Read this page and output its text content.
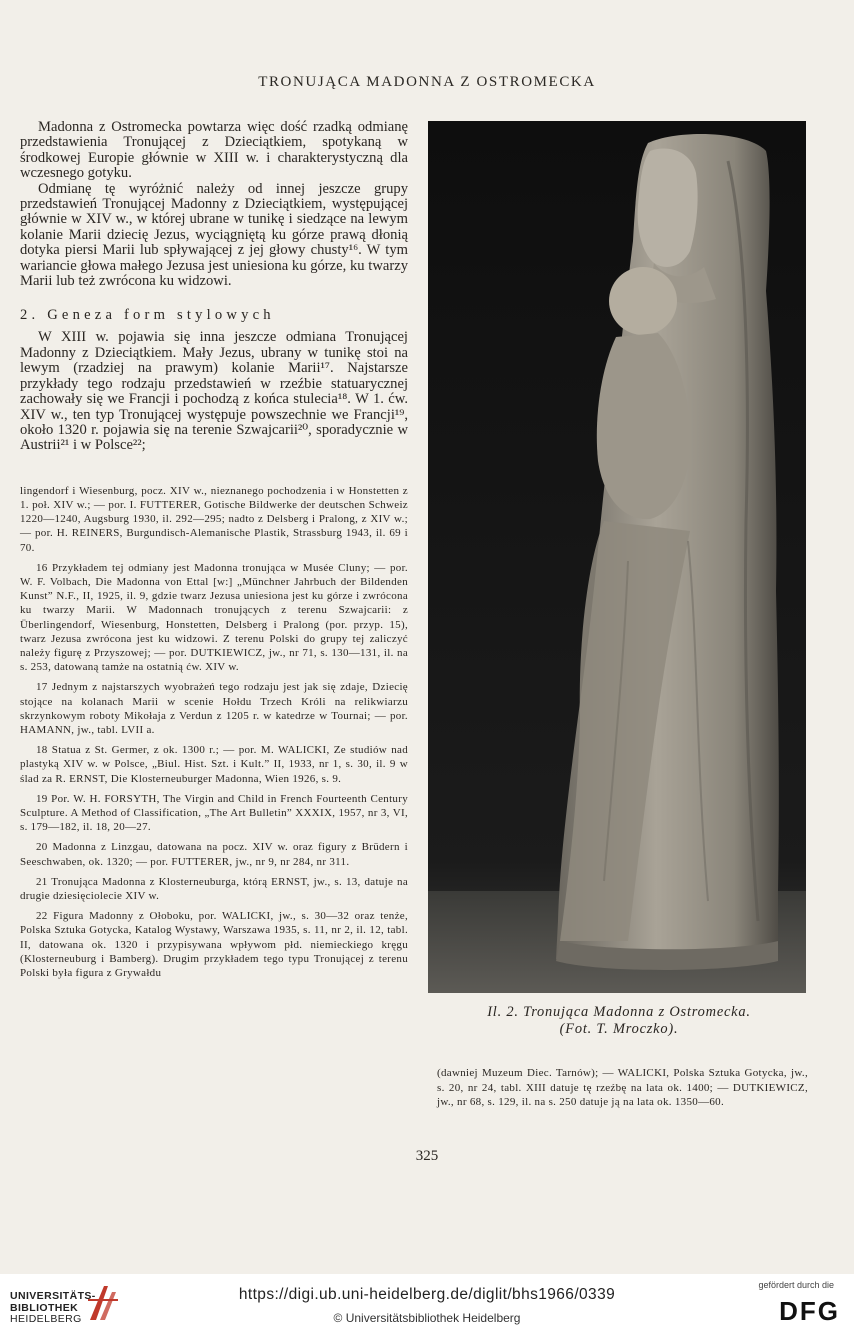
TRONUJĄCA MADONNA Z OSTROMECKA

Madonna z Ostromecka powtarza więc dość rzadką odmianę przedstawienia Tronującej z Dzieciątkiem, spotykaną w środkowej Europie głównie w XIII w. i charakterystyczną dla wczesnego gotyku.

Odmianę tę wyróżnić należy od innej jeszcze grupy przedstawień Tronującej Madonny z Dzieciątkiem, występującej głównie w XIV w., w której ubrane w tunikę i siedzące na lewym kolanie Marii dziecię Jezus, wyciągniętą ku górze prawą dłonią dotyka piersi Marii lub spływającej z jej głowy chusty¹⁶. W tym wariancie głowa małego Jezusa jest uniesiona ku górze, ku twarzy Marii lub też zwrócona ku widzowi.

2. Geneza form stylowych

W XIII w. pojawia się inna jeszcze odmiana Tronującej Madonny z Dzieciątkiem. Mały Jezus, ubrany w tunikę stoi na lewym (rzadziej na prawym) kolanie Marii¹⁷. Najstarsze przykłady tego rodzaju przedstawień w rzeźbie statuarycznej zachowały się we Francji i pochodzą z końca stulecia¹⁸. W 1. ćw. XIV w., ten typ Tronującej występuje powszechnie we Francji¹⁹, około 1320 r. pojawia się na terenie Szwajcarii²⁰, sporadycznie w Austrii²¹ i w Polsce²²;

lingendorf i Wiesenburg, pocz. XIV w., nieznanego pochodzenia i w Honstetten z 1. poł. XIV w.; — por. I. FUTTERER, Gotische Bildwerke der deutschen Schweiz 1220—1240, Augsburg 1930, il. 292—295; nadto z Delsberg i Pralong, z XIV w.; — por. H. REINERS, Burgundisch-Alemanische Plastik, Strassburg 1943, il. 69 i 70.

16 Przykładem tej odmiany jest Madonna tronująca w Musée Cluny; — por. W. F. Volbach, Die Madonna von Ettal [w:] „Münchner Jahrbuch der Bildenden Kunst” N.F., II, 1925, il. 9, gdzie twarz Jezusa uniesiona jest ku górze i zwrócona ku twarzy Marii. W Madonnach tronujących z terenu Szwajcarii: z Überlingendorf, Wiesenburg, Honstetten, Delsberg i Pralong (por. przyp. 15), twarz Jezusa zwrócona jest ku widzowi. Z terenu Polski do grupy tej zaliczyć należy figurę z Przyszowej; — por. DUTKIEWICZ, jw., nr 71, s. 130—131, il. na s. 253, datowaną tamże na ostatnią ćw. XIV w.

17 Jednym z najstarszych wyobrażeń tego rodzaju jest jak się zdaje, Dziecię stojące na kolanach Marii w scenie Hołdu Trzech Króli na relikwiarzu skrzynkowym roboty Mikołaja z Verdun z 1205 r. w katedrze w Tournai; — por. HAMANN, jw., tabl. LVII a.

18 Statua z St. Germer, z ok. 1300 r.; — por. M. WALICKI, Ze studiów nad plastyką XIV w. w Polsce, „Biul. Hist. Szt. i Kult.” II, 1933, nr 1, s. 30, il. 9 w ślad za R. ERNST, Die Klosterneuburger Madonna, Wien 1926, s. 9.

19 Por. W. H. FORSYTH, The Virgin and Child in French Fourteenth Century Sculpture. A Method of Classification, „The Art Bulletin” XXXIX, 1957, nr 3, VI, s. 179—182, il. 18, 20—27.

20 Madonna z Linzgau, datowana na pocz. XIV w. oraz figury z Brüdern i Seeschwaben, ok. 1320; — por. FUTTERER, jw., nr 9, nr 284, nr 311.

21 Tronująca Madonna z Klosterneuburga, którą ERNST, jw., s. 13, datuje na drugie dziesięciolecie XIV w.

22 Figura Madonny z Ołoboku, por. WALICKI, jw., s. 30—32 oraz tenże, Polska Sztuka Gotycka, Katalog Wystawy, Warszawa 1935, s. 11, nr 2, il. 12, tabl. II, datowana ok. 1320 i przypisywana wpływom płd. niemieckiego kręgu (Klosterneuburg i Bamberg). Drugim przykładem tego typu Tronującej z terenu Polski była figura z Grywałdu

Il. 2. Tronująca Madonna z Ostromecka.
(Fot. T. Mroczko).

(dawniej Muzeum Diec. Tarnów); — WALICKI, Polska Sztuka Gotycka, jw., s. 20, nr 24, tabl. XIII datuje tę rzeźbę na lata ok. 1400; — DUTKIEWICZ, jw., nr 68, s. 129, il. na s. 250 datuje ją na lata ok. 1350—60.

325
UNIVERSITÄTS-
BIBLIOTHEK
HEIDELBERG
https://digi.ub.uni-heidelberg.de/diglit/bhs1966/0339
© Universitätsbibliothek Heidelberg
gefördert durch die
DFG
